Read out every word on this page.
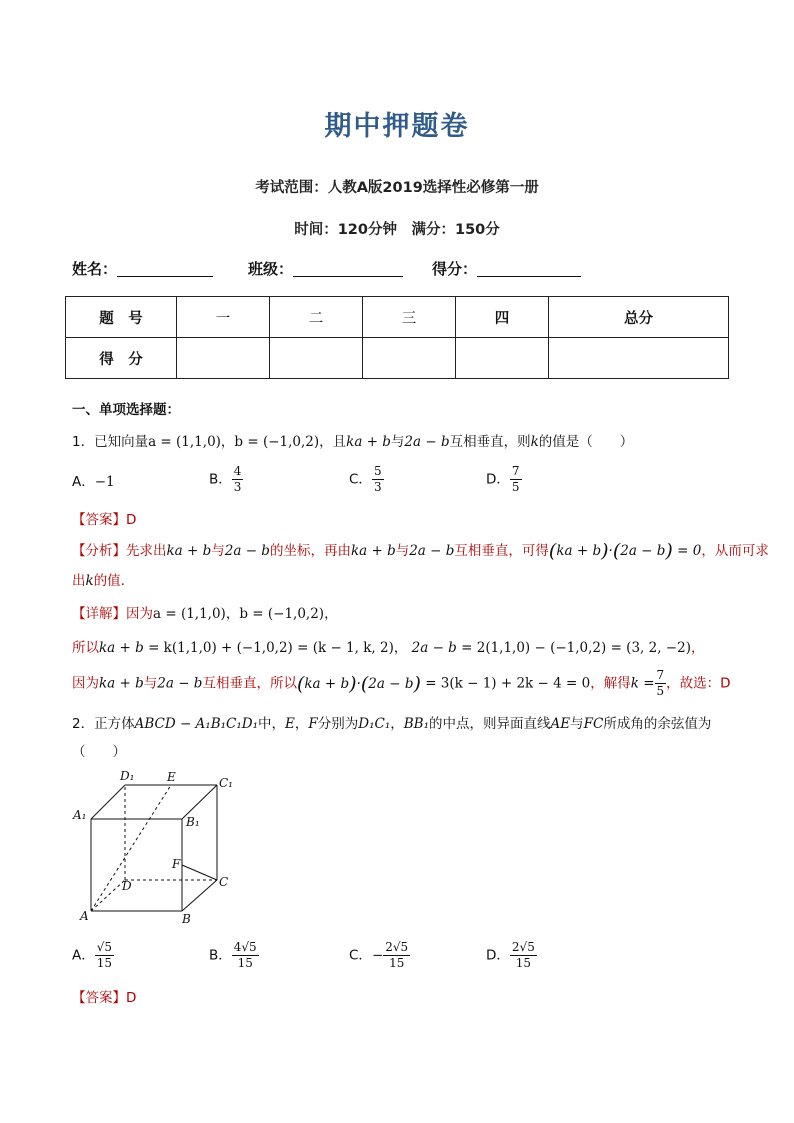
期中押题卷
考试范围：人教A版2019选择性必修第一册
时间：120分钟　满分：150分
姓名：	班级：	得分：
题　号	一	二	三	四	总分
得　分					
一、单项选择题：
1．已知向量a = (1,1,0)，b = (−1,0,2)，且ka + b与2a − b互相垂直，则k的值是（　　）
A．−1	B． $\frac{4}{3}$	C． $\frac{5}{3}$	D． $\frac{7}{5}$
【答案】D
【分析】先求出ka + b与2a − b的坐标，再由ka + b与2a − b互相垂直，可得(ka + b)·(2a − b) = 0，从而可求
出k的值.
【详解】因为a = (1,1,0)，b = (−1,0,2)，
所以ka + b = k(1,1,0) + (−1,0,2) = (k − 1, k, 2)， 2a − b = 2(1,1,0) − (−1,0,2) = (3, 2, −2)，
因为ka + b与2a − b互相垂直，所以(ka + b)·(2a − b) = 3(k − 1) + 2k − 4 = 0，解得$k = \frac{7}{5}$ ，故选：D
2．正方体ABCD − A₁B₁C₁D₁中，E，F分别为D₁C₁，BB₁的中点，则异面直线AE与FC所成角的余弦值为
（　　）
D₁	E	C₁
A₁	B₁
F
D	C
A	B
A． $\frac{√5}{15}$	B． $\frac{4√5}{15}$	C．− $\frac{2√5}{15}$	D． $\frac{2√5}{15}$
【答案】D
